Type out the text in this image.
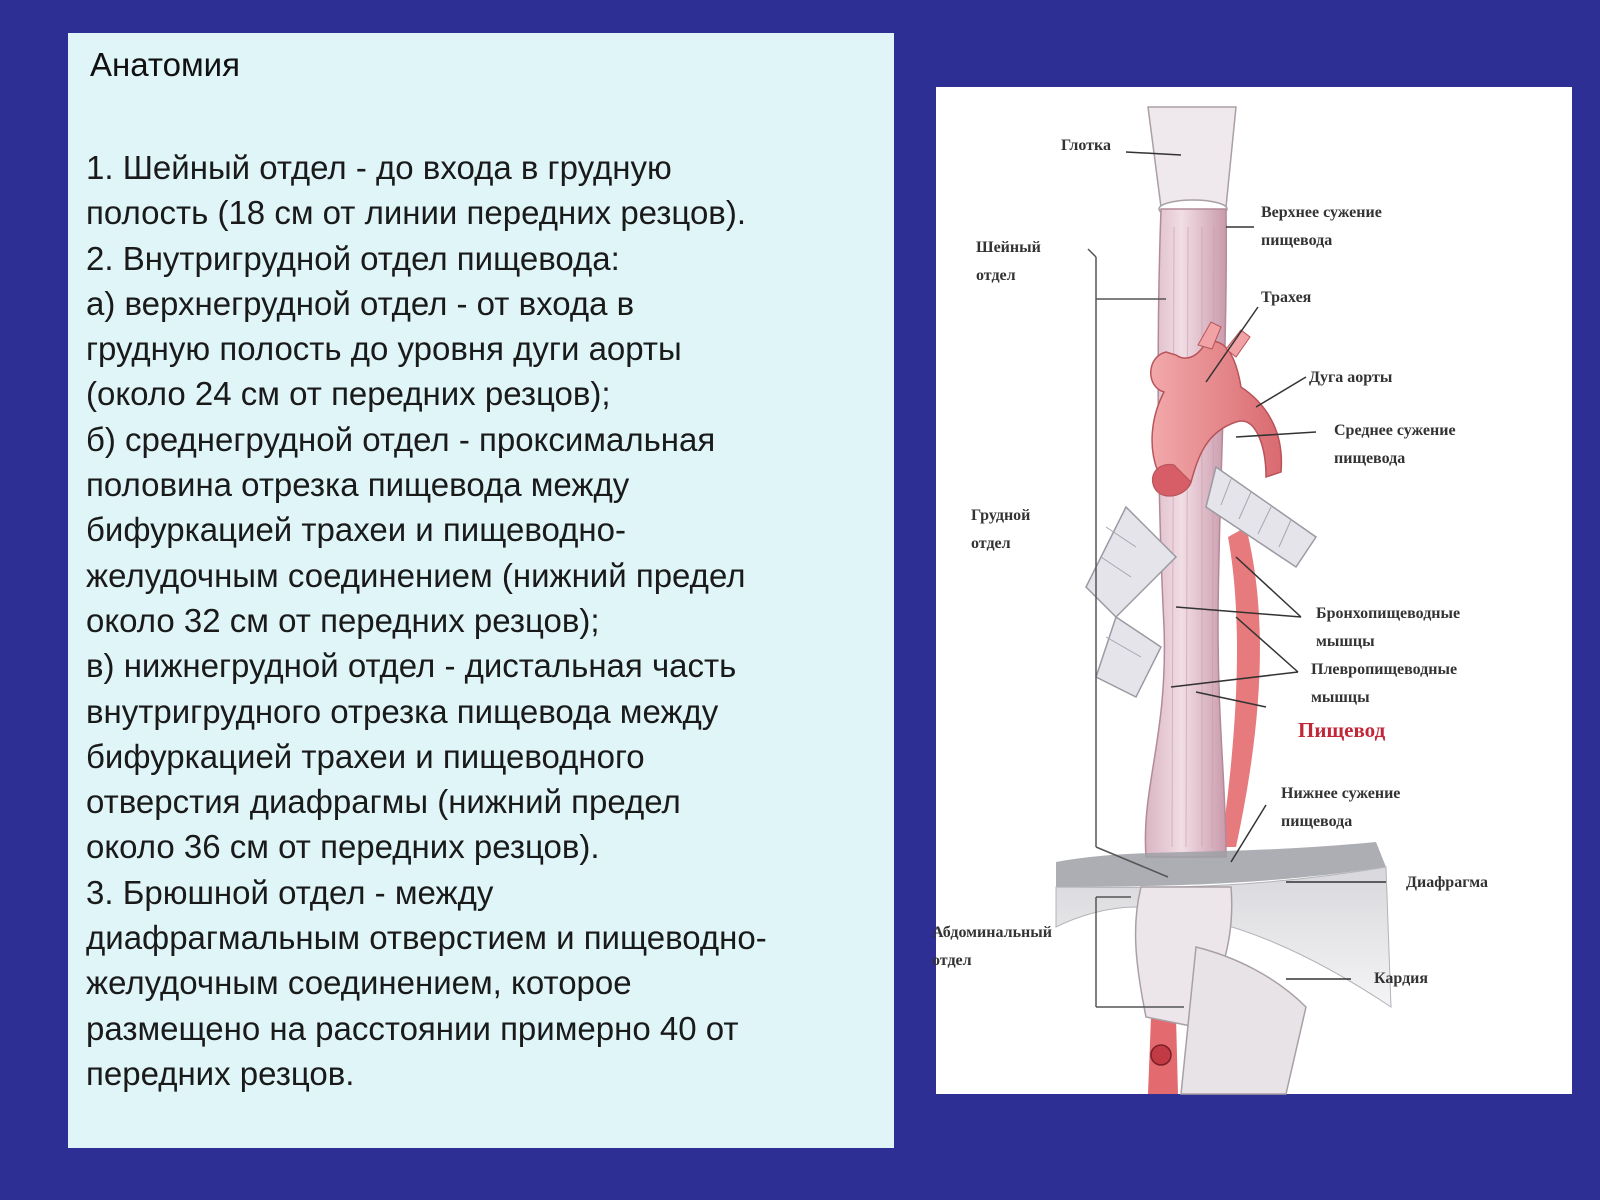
Анатомия
1. Шейный отдел - до входа в грудную
полость (18 см от линии передних резцов).
2. Внутригрудной отдел пищевода:
а) верхнегрудной отдел - от входа в
грудную полость до уровня дуги аорты
(около 24 см от передних резцов);
б) среднегрудной отдел - проксимальная
половина отрезка пищевода между
бифуркацией трахеи и пищеводно-
желудочным соединением (нижний предел
около 32 см от передних резцов);
в) нижнегрудной отдел - дистальная часть
внутригрудного отрезка пищевода между
бифуркацией трахеи и пищеводного
отверстия диафрагмы (нижний предел
около 36 см от передних резцов).
3. Брюшной отдел - между
диафрагмальным отверстием и пищеводно-
желудочным соединением, которое
размещено на расстоянии примерно 40 от
передних резцов.
Глотка
Верхнее сужение
пищевода
Шейный
отдел
Трахея
Дуга аорты
Среднее сужение
пищевода
Грудной
отдел
Бронхопищеводные
мышцы
Плевропищеводные
мышцы
Пищевод
Нижнее сужение
пищевода
Диафрагма
Абдоминальный
отдел
Кардия
